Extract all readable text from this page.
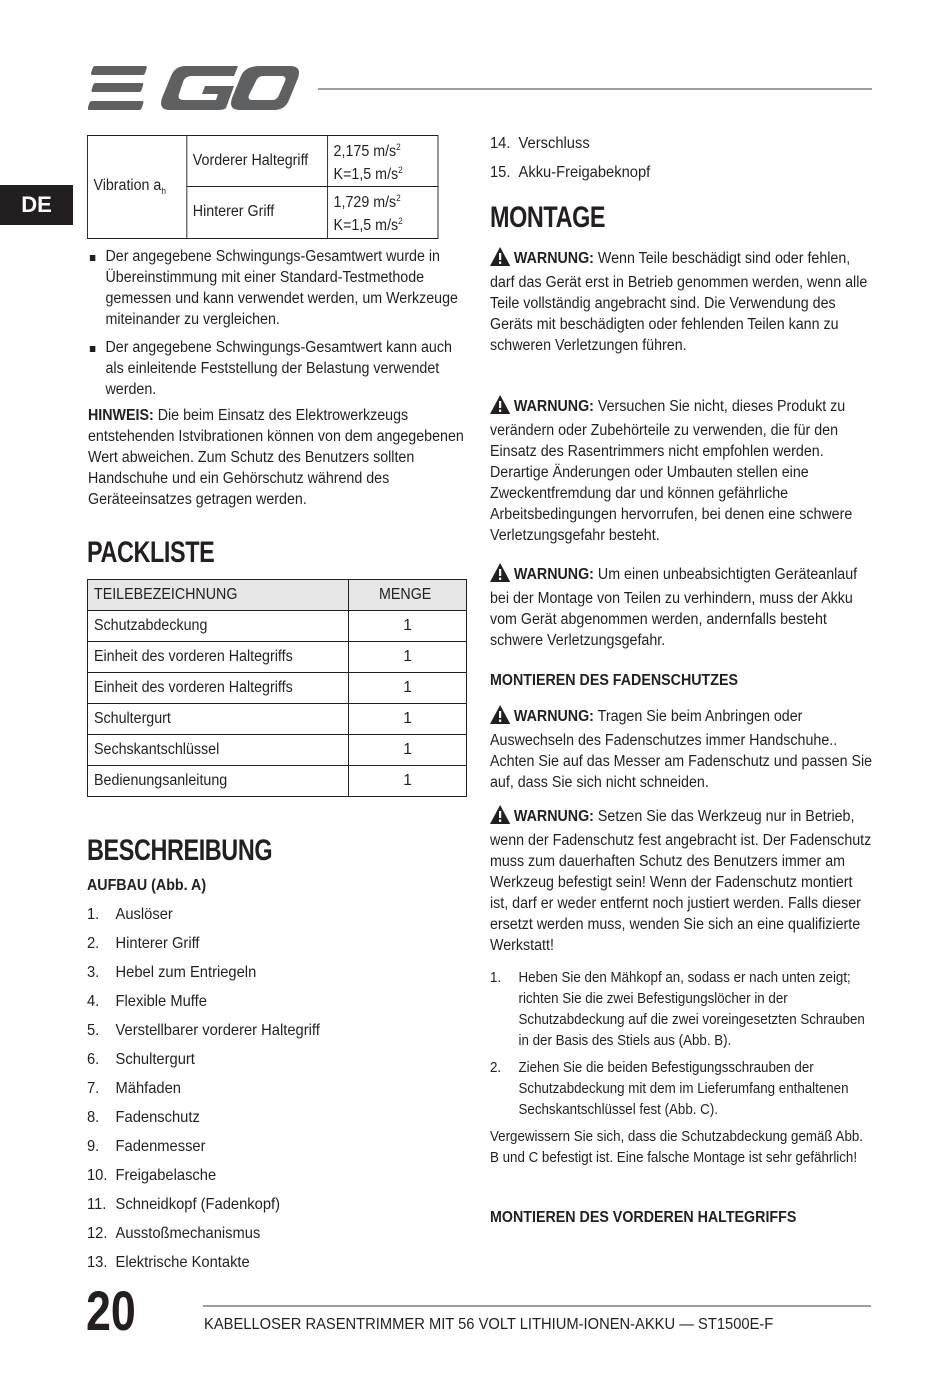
DE
Vibration $a_h$	Vorderer Haltegriff	2,175 $m/s^2$
K=1,5 $m/s^2$
	Hinterer Griff	1,729 $m/s^2$
K=1,5 $m/s^2$
Der angegebene Schwingungs-Gesamtwert wurde in Übereinstimmung mit einer Standard-Testmethode gemessen und kann verwendet werden, um Werkzeuge miteinander zu vergleichen.
Der angegebene Schwingungs-Gesamtwert kann auch als einleitende Feststellung der Belastung verwendet werden.
HINWEIS: Die beim Einsatz des Elektrowerkzeugs entstehenden Istvibrationen können von dem angegebenen Wert abweichen. Zum Schutz des Benutzers sollten Handschuhe und ein Gehörschutz während des Geräteeinsatzes getragen werden.
PACKLISTE
TEILEBEZEICHNUNG	MENGE
Schutzabdeckung	1
Einheit des vorderen Haltegriffs	1
Einheit des vorderen Haltegriffs	1
Schultergurt	1
Sechskantschlüssel	1
Bedienungsanleitung	1
BESCHREIBUNG
AUFBAU (Abb. A)
1.	Auslöser
2.	Hinterer Griff
3.	Hebel zum Entriegeln
4.	Flexible Muffe
5.	Verstellbarer vorderer Haltegriff
6.	Schultergurt
7.	Mähfaden
8.	Fadenschutz
9.	Fadenmesser
10. Freigabelasche
11. Schneidkopf (Fadenkopf)
12. Ausstoßmechanismus
13. Elektrische Kontakte
14. Verschluss
15. Akku-Freigabeknopf
MONTAGE
WARNUNG: Wenn Teile beschädigt sind oder fehlen, darf das Gerät erst in Betrieb genommen werden, wenn alle Teile vollständig angebracht sind. Die Verwendung des Geräts mit beschädigten oder fehlenden Teilen kann zu schweren Verletzungen führen.
WARNUNG: Versuchen Sie nicht, dieses Produkt zu verändern oder Zubehörteile zu verwenden, die für den Einsatz des Rasentrimmers nicht empfohlen werden. Derartige Änderungen oder Umbauten stellen eine Zweckentfremdung dar und können gefährliche Arbeitsbedingungen hervorrufen, bei denen eine schwere Verletzungsgefahr besteht.
WARNUNG: Um einen unbeabsichtigten Geräteanlauf bei der Montage von Teilen zu verhindern, muss der Akku vom Gerät abgenommen werden, andernfalls besteht schwere Verletzungsgefahr.
MONTIEREN DES FADENSCHUTZES
WARNUNG: Tragen Sie beim Anbringen oder Auswechseln des Fadenschutzes immer Handschuhe.. Achten Sie auf das Messer am Fadenschutz und passen Sie auf, dass Sie sich nicht schneiden.
WARNUNG: Setzen Sie das Werkzeug nur in Betrieb, wenn der Fadenschutz fest angebracht ist. Der Fadenschutz muss zum dauerhaften Schutz des Benutzers immer am Werkzeug befestigt sein! Wenn der Fadenschutz montiert ist, darf er weder entfernt noch justiert werden. Falls dieser ersetzt werden muss, wenden Sie sich an eine qualifizierte Werkstatt!
1.	Heben Sie den Mähkopf an, sodass er nach unten zeigt; richten Sie die zwei Befestigungslöcher in der Schutzabdeckung auf die zwei voreingesetzten Schrauben in der Basis des Stiels aus (Abb. B).
2.	Ziehen Sie die beiden Befestigungsschrauben der Schutzabdeckung mit dem im Lieferumfang enthaltenen Sechskantschlüssel fest (Abb. C).
Vergewissern Sie sich, dass die Schutzabdeckung gemäß Abb. B und C befestigt ist. Eine falsche Montage ist sehr gefährlich!
MONTIEREN DES VORDEREN HALTEGRIFFS
20	KABELLOSER RASENTRIMMER MIT 56 VOLT LITHIUM-IONEN-AKKU — ST1500E-F
